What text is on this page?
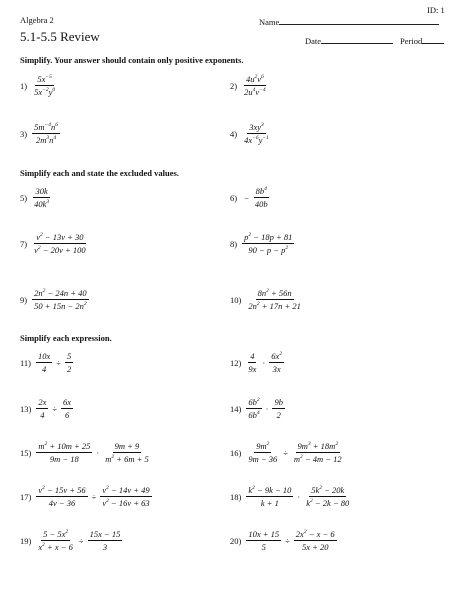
ID: 1
Algebra 2	Name
5.1-5.5 Review	Date	Period
Simplify. Your answer should contain only positive exponents.
$1) \frac{5x^{-5}}{5x^{-2}y^0}$	$2) \frac{4u^2v^6}{2u^4v^{-4}}$
$3) \frac{5m^{-4}n^6}{2m^3n^4}$	$4) \frac{3xy^3}{4x^{-6}y^{-1}}$
Simplify each and state the excluded values.
$5) \frac{30k}{40k^3}$	$6) - \frac{8b^4}{40b}$
$7) \frac{v^2 - 13v + 30}{v^2 - 20v + 100}$	$8) \frac{p^2 - 18p + 81}{90 - p - p^2}$
$9) \frac{2n^2 - 24n + 40}{50 + 15n - 2n^2}$	$10) \frac{8n^2 + 56n}{2n^2 + 17n + 21}$
Simplify each expression.
$11) \frac{10x}{4} \div \frac{5}{2}$	$12) \frac{4}{9x} \cdot \frac{6x^2}{3x}$
$13) \frac{2x}{4} \div \frac{6x}{6}$	$14) \frac{6b^2}{6b^4} \cdot \frac{9b}{2}$
$15) \frac{m^2 + 10m + 25}{9m - 18} \cdot \frac{9m + 9}{m^2 + 6m + 5}$	$16) \frac{9m^2}{9m - 36} \div \frac{9m^3 + 18m^2}{m^2 - 4m - 12}$
$17) \frac{v^2 - 15v + 56}{4v - 36} \div \frac{v^2 - 14v + 49}{v^2 - 16v + 63}$	$18) \frac{k^2 - 9k - 10}{k + 1} \cdot \frac{5k^2 - 20k}{k^2 - 2k - 80}$
$19) \frac{5 - 5x^2}{x^2 + x - 6} \div \frac{15x - 15}{3}$	$20) \frac{10x + 15}{5} \div \frac{2x^2 - x - 6}{5x + 20}$
